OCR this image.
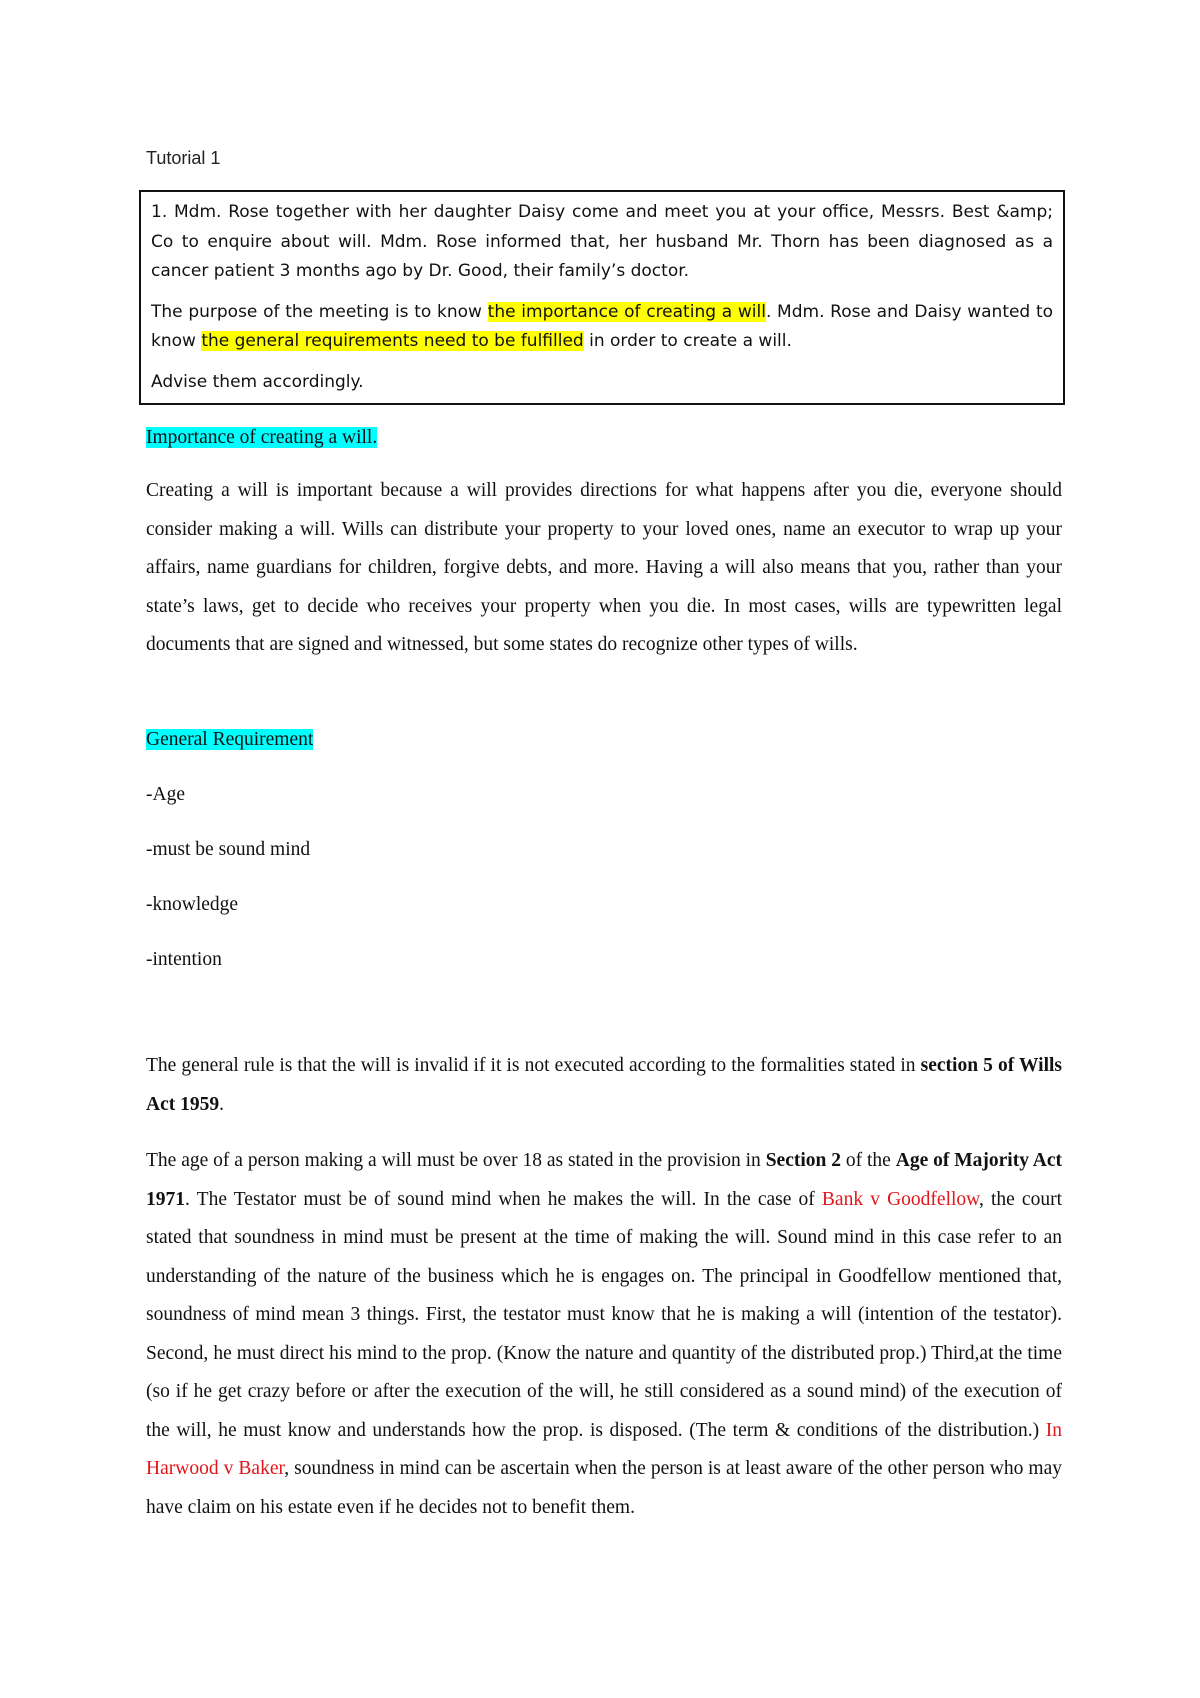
Tutorial 1

1. Mdm. Rose together with her daughter Daisy come and meet you at your office, Messrs. Best &amp; Co to enquire about will. Mdm. Rose informed that, her husband Mr. Thorn has been diagnosed as a cancer patient 3 months ago by Dr. Good, their family’s doctor.

The purpose of the meeting is to know the importance of creating a will. Mdm. Rose and Daisy wanted to know the general requirements need to be fulfilled in order to create a will.

Advise them accordingly.

Importance of creating a will.

Creating a will is important because a will provides directions for what happens after you die, everyone should consider making a will. Wills can distribute your property to your loved ones, name an executor to wrap up your affairs, name guardians for children, forgive debts, and more. Having a will also means that you, rather than your state’s laws, get to decide who receives your property when you die. In most cases, wills are typewritten legal documents that are signed and witnessed, but some states do recognize other types of wills.

General Requirement
-Age
-must be sound mind
-knowledge
-intention

The general rule is that the will is invalid if it is not executed according to the formalities stated in section 5 of Wills Act 1959.

The age of a person making a will must be over 18 as stated in the provision in Section 2 of the Age of Majority Act 1971. The Testator must be of sound mind when he makes the will. In the case of Bank v Goodfellow, the court stated that soundness in mind must be present at the time of making the will. Sound mind in this case refer to an understanding of the nature of the business which he is engages on. The principal in Goodfellow mentioned that, soundness of mind mean 3 things. First, the testator must know that he is making a will (intention of the testator). Second, he must direct his mind to the prop. (Know the nature and quantity of the distributed prop.) Third,at the time (so if he get crazy before or after the execution of the will, he still considered as a sound mind) of the execution of the will, he must know and understands how the prop. is disposed. (The term & conditions of the distribution.) In Harwood v Baker, soundness in mind can be ascertain when the person is at least aware of the other person who may have claim on his estate even if he decides not to benefit them.
